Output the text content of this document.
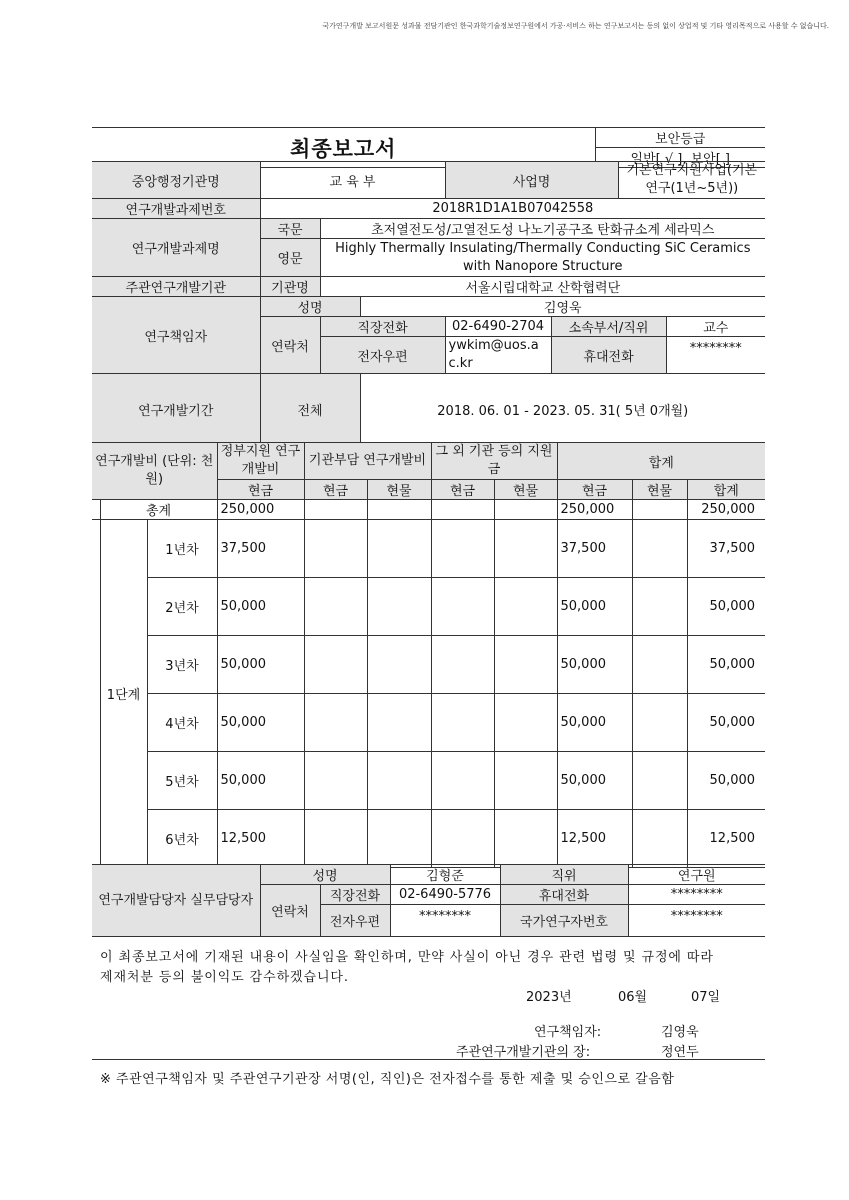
국가연구개발 보고서원문 성과물 전담기관인 한국과학기술정보연구원에서 가공·서비스 하는 연구보고서는 동의 없이 상업적 및 기타 영리목적으로 사용할 수 없습니다.
최종보고서	보안등급
일반[ √ ], 보안[ ]
중앙행정기관명	교 육 부			사업명		기본연구지원사업(기본연구(1년~5년))	
연구개발과제번호	2018R1D1A1B07042558						
연구개발과제명	국문	초저열전도성/고열전도성 나노기공구조 탄화규소계 세라믹스					
	영문	Highly Thermally Insulating/Thermally Conducting SiC Ceramics with Nanopore Structure					
주관연구개발기관	기관명	서울시립대학교 산학협력단					
연구책임자	성명		김영욱				
	연락처	직장전화		02-6490-2704	소속부서/직위		교수
		전자우편		ywkim@uos.ac.kr	휴대전화		********
연구개발기간	전체		2018. 06. 01 - 2023. 05. 31( 5년 0개월)				
연구개발비 (단위: 천원)			정부지원 연구개발비	기관부담 연구개발비		그 외 기관 등의 지원금		합계		
			현금	현금	현물	현금	현물	현금	현물	합계
	총계		250,000					250,000		250,000
	1단계	1년차	37,500					37,500		37,500
		2년차	50,000					50,000		50,000
		3년차	50,000					50,000		50,000
		4년차	50,000					50,000		50,000
		5년차	50,000					50,000		50,000
		6년차	12,500					12,500		12,500
연구개발담당자 실무담당자	성명		김형준	직위	연구원
	연락처	직장전화	02-6490-5776	휴대전화	********
		전자우편	********	국가연구자번호	********
이 최종보고서에 기재된 내용이 사실임을 확인하며, 만약 사실이 아닌 경우 관련 법령 및 규정에 따라
제재처분 등의 불이익도 감수하겠습니다.
2023년	06월	07일
연구책임자:	김영욱
주관연구개발기관의 장:	정연두
※ 주관연구책임자 및 주관연구기관장 서명(인, 직인)은 전자접수를 통한 제출 및 승인으로 갈음함
